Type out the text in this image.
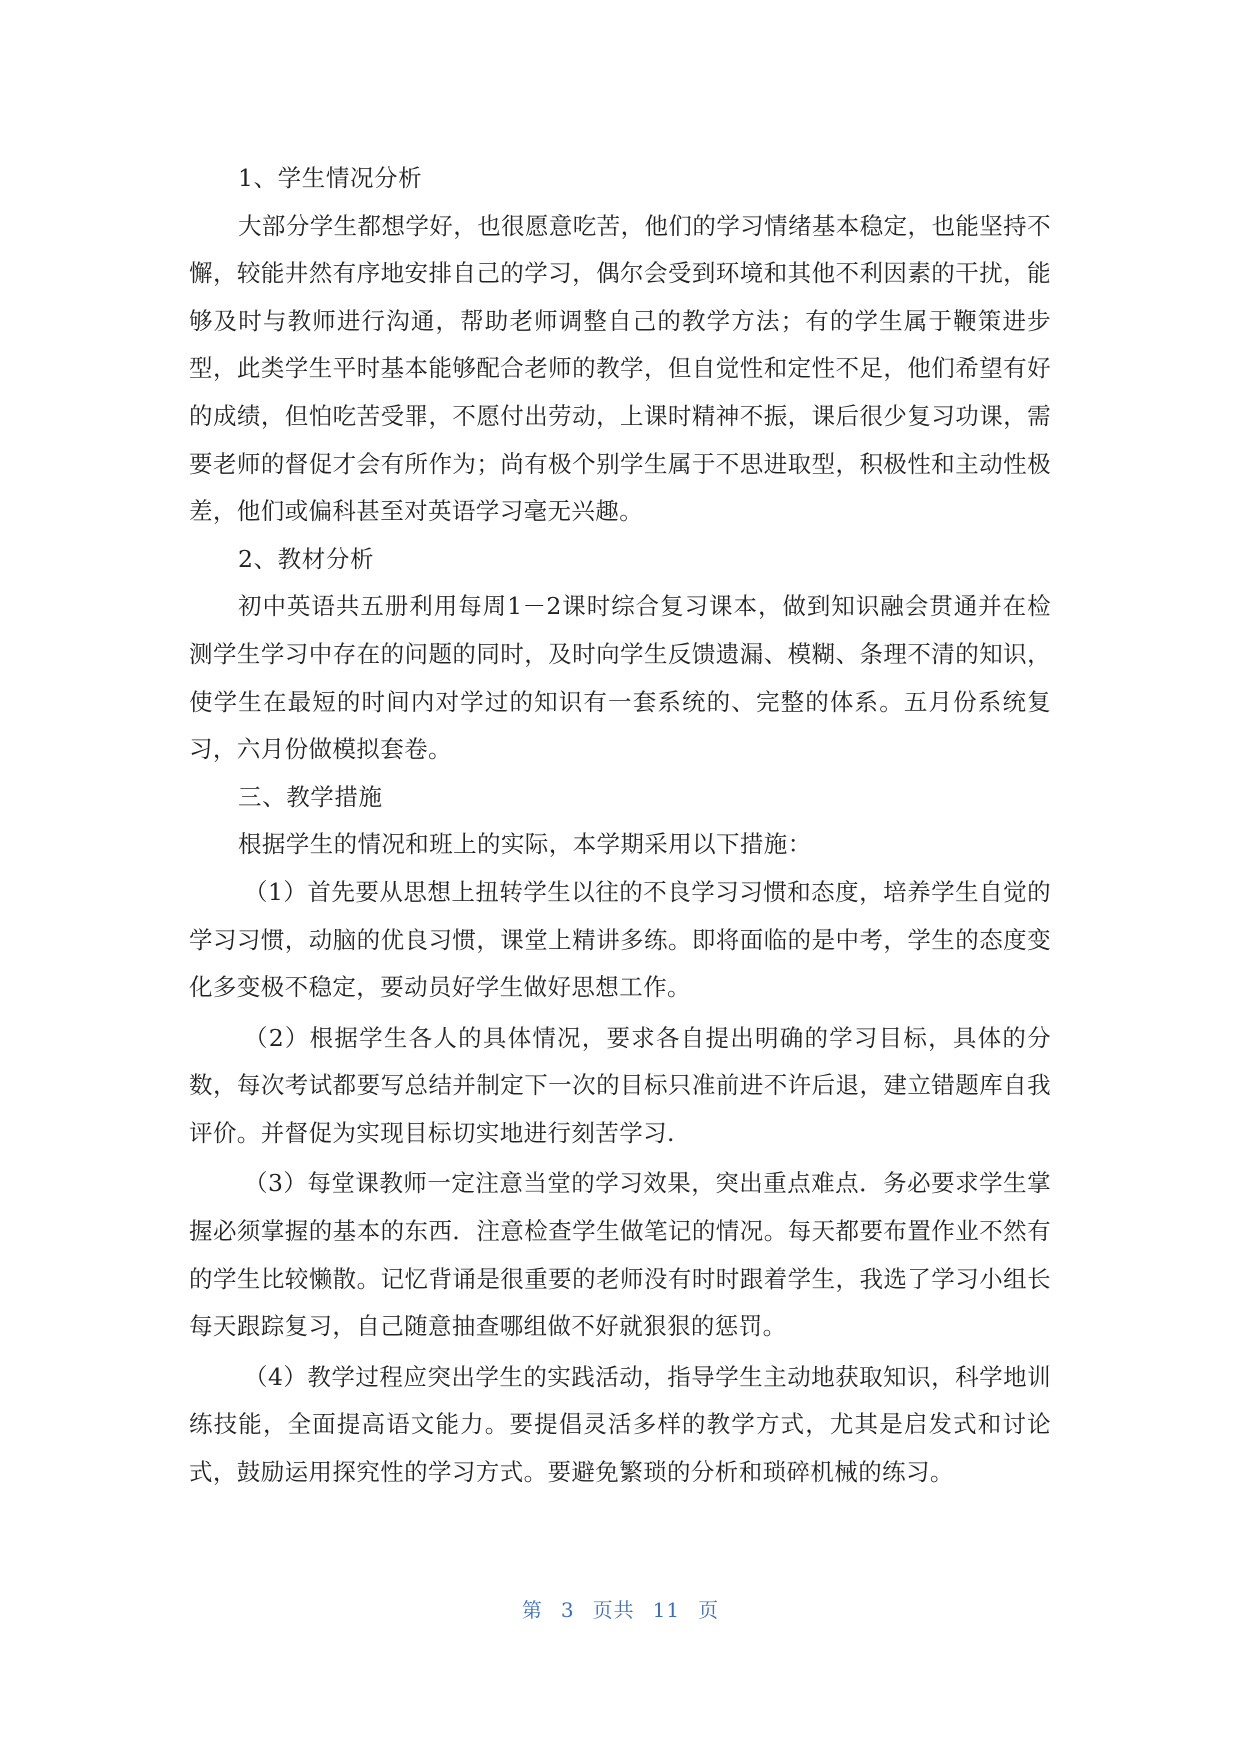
1、学生情况分析

大部分学生都想学好，也很愿意吃苦，他们的学习情绪基本稳定，也能坚持不懈，较能井然有序地安排自己的学习，偶尔会受到环境和其他不利因素的干扰，能够及时与教师进行沟通，帮助老师调整自己的教学方法；有的学生属于鞭策进步型，此类学生平时基本能够配合老师的教学，但自觉性和定性不足，他们希望有好的成绩，但怕吃苦受罪，不愿付出劳动，上课时精神不振，课后很少复习功课，需要老师的督促才会有所作为；尚有极个别学生属于不思进取型，积极性和主动性极差，他们或偏科甚至对英语学习毫无兴趣。

2、教材分析

初中英语共五册利用每周1－2课时综合复习课本，做到知识融会贯通并在检测学生学习中存在的问题的同时，及时向学生反馈遗漏、模糊、条理不清的知识，使学生在最短的时间内对学过的知识有一套系统的、完整的体系。五月份系统复习，六月份做模拟套卷。

三、教学措施

根据学生的情况和班上的实际，本学期采用以下措施：

（1）首先要从思想上扭转学生以往的不良学习习惯和态度，培养学生自觉的学习习惯，动脑的优良习惯，课堂上精讲多练。即将面临的是中考，学生的态度变化多变极不稳定，要动员好学生做好思想工作。

（2）根据学生各人的具体情况，要求各自提出明确的学习目标，具体的分数，每次考试都要写总结并制定下一次的目标只准前进不许后退，建立错题库自我评价。并督促为实现目标切实地进行刻苦学习.

（3）每堂课教师一定注意当堂的学习效果，突出重点难点．务必要求学生掌握必须掌握的基本的东西．注意检查学生做笔记的情况。每天都要布置作业不然有的学生比较懒散。记忆背诵是很重要的老师没有时时跟着学生，我选了学习小组长每天跟踪复习，自己随意抽查哪组做不好就狠狠的惩罚。

（4）教学过程应突出学生的实践活动，指导学生主动地获取知识，科学地训练技能，全面提高语文能力。要提倡灵活多样的教学方式，尤其是启发式和讨论式，鼓励运用探究性的学习方式。要避免繁琐的分析和琐碎机械的练习。

第 3 页共 11 页
